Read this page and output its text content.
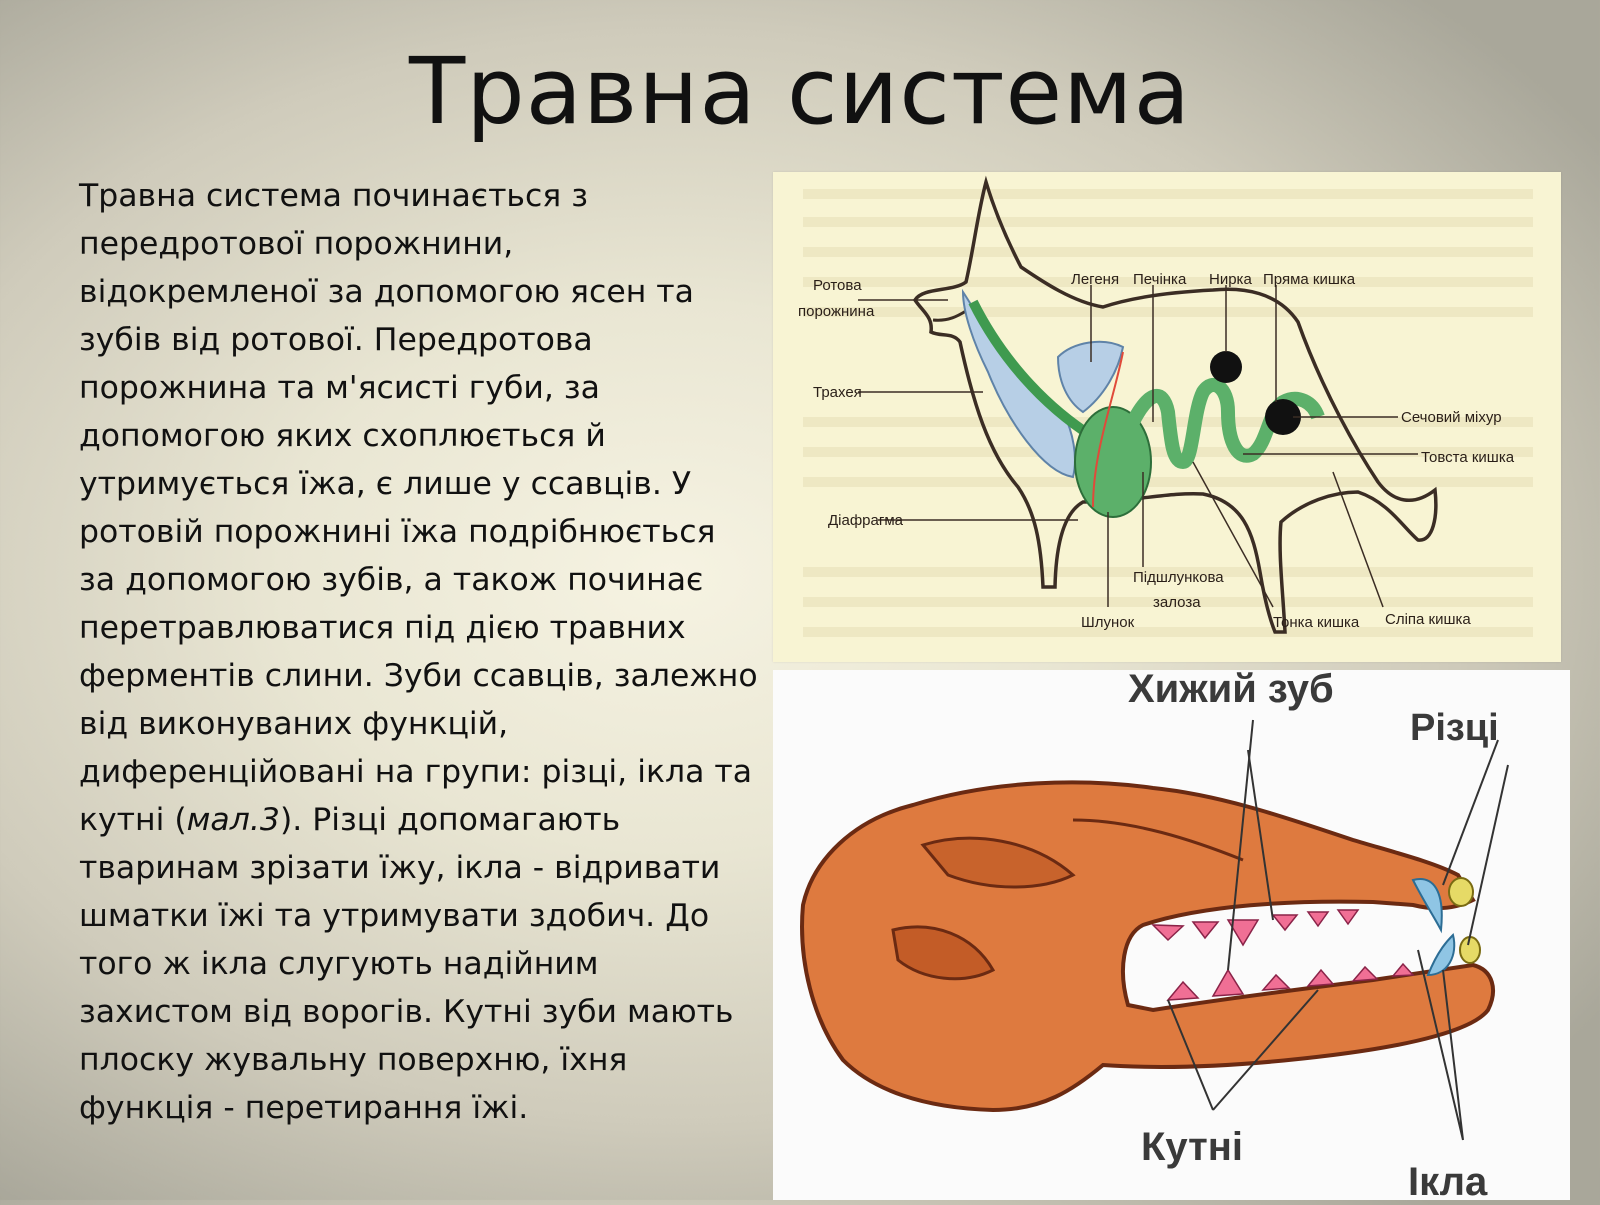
Травна система

Травна система починається з передротової порожнини, відокремленої за допомогою ясен та зубів від ротової. Передротова порожнина та м'ясисті губи, за допомогою яких схоплюється й утримується їжа, є лише у ссавців. У ротовій порожнині їжа подрібнюється за допомогою зубів, а також починає перетравлюватися під дією травних ферментів слини. Зуби ссавців, залежно від виконуваних функцій, диференційовані на групи: різці, ікла та кутні (мал.3). Різці допомагають тваринам зрізати їжу, ікла - відривати шматки їжі та утримувати здобич. До того ж ікла слугують надійним захистом від ворогів. Кутні зуби мають плоску жувальну поверхню, їхня функція - перетирання їжі.

Ротова
порожнина
Трахея
Діафрагма
Легеня Печінка Нирка Пряма кишка
Сечовий міхур
Товста кишка
Підшлункова
залоза
Шлунок	Тонка кишка Сліпа кишка
Хижий зуб
Різці
Кутні
Ікла
